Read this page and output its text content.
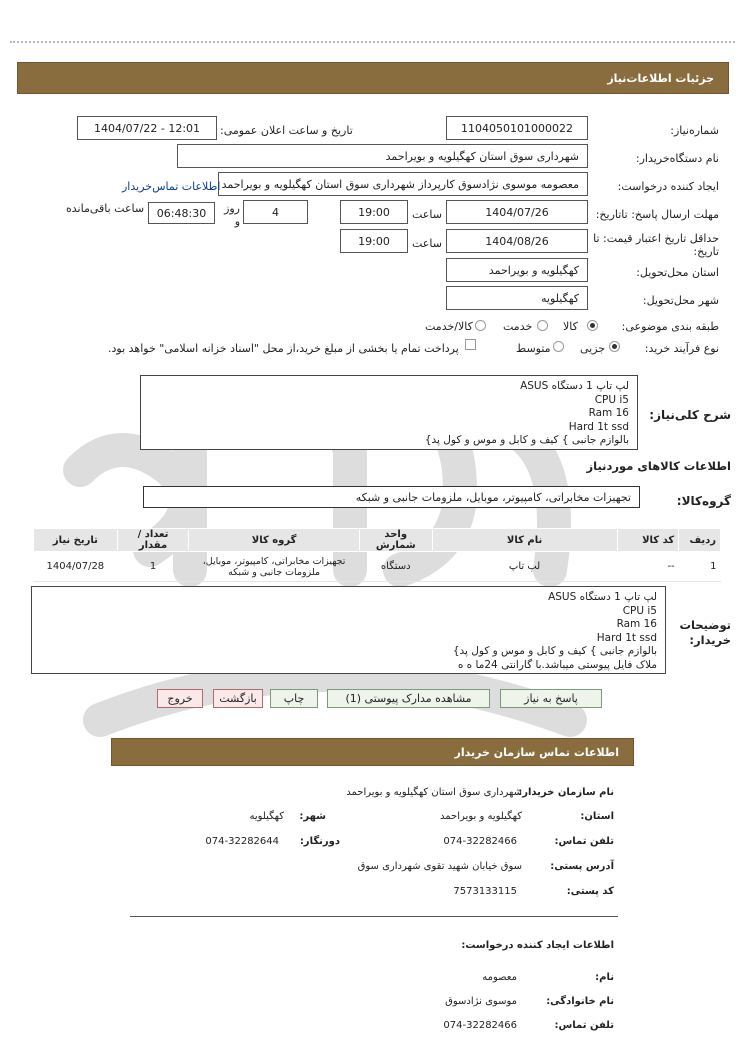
جزئیات اطلاعات‌نیاز
شماره‌نیاز:
1104050101000022
تاریخ و ساعت اعلان عمومی:
1404/07/22 - 12:01
نام دستگاه‌خریدار:
شهرداری سوق استان کهگیلویه و بویراحمد
ایجاد کننده درخواست:
معصومه موسوی نژادسوق کارپرداز شهرداری سوق استان کهگیلویه و بویراحمد
اطلاعات تماس‌خریدار
مهلت ارسال پاسخ: تاتاریخ:
1404/07/26
ساعت
19:00
4
روز و
06:48:30
ساعت باقی‌مانده
حداقل تاریخ اعتبار قیمت: تا تاریخ:
1404/08/26
ساعت
19:00
استان محل‌تحویل:
کهگیلویه و بویراحمد
شهر محل‌تحویل:
کهگیلویه
طبقه بندی موضوعی:
کالا
خدمت
کالا/خدمت
نوع فرآیند خرید:
جزیی
متوسط
پرداخت تمام یا بخشی از مبلغ خرید،از محل "اسناد خزانه اسلامی" خواهد بود.
شرح کلی‌نیاز:
لپ تاپ 1 دستگاه ASUS
CPU i5
Ram 16
Hard 1t ssd
بالوازم جانبی } کیف و کابل و موس و کول پد}
اطلاعات کالاهای موردنیاز
گروه‌کالا:
تجهیزات مخابراتی، کامپیوتر، موبایل، ملزومات جانبی و شبکه
ردیف	کد کالا	نام کالا	واحد شمارش	گروه کالا	تعداد / مقدار	تاریخ نیاز
1	--	لپ تاپ	دستگاه	تجهیزات مخابراتی، کامپیوتر، موبایل، ملزومات جانبی و شبکه	1	1404/07/28
توضیحات خریدار:
لپ تاپ 1 دستگاه ASUS
CPU i5
Ram 16
Hard 1t ssd
بالوازم جانبی } کیف و کابل و موس و کول پد}
ملاک فایل پیوستی میباشد.با گارانتی 24ما ه ه
پاسخ به نیاز
مشاهده مدارک پیوستی (1)
چاپ
بازگشت
خروج
اطلاعات تماس سازمان خریدار
نام سازمان خریدار:
شهرداری سوق استان کهگیلویه و بویراحمد
استان:
کهگیلویه و بویراحمد
شهر:
کهگیلویه
تلفن تماس:
074-32282466
دورنگار:
074-32282644
آدرس پستی:
سوق خیابان شهید تقوی شهرداری سوق
کد پستی:
7573133115
اطلاعات ایجاد کننده درخواست:
نام:
معصومه
نام خانوادگی:
موسوی نژادسوق
تلفن تماس:
074-32282466
